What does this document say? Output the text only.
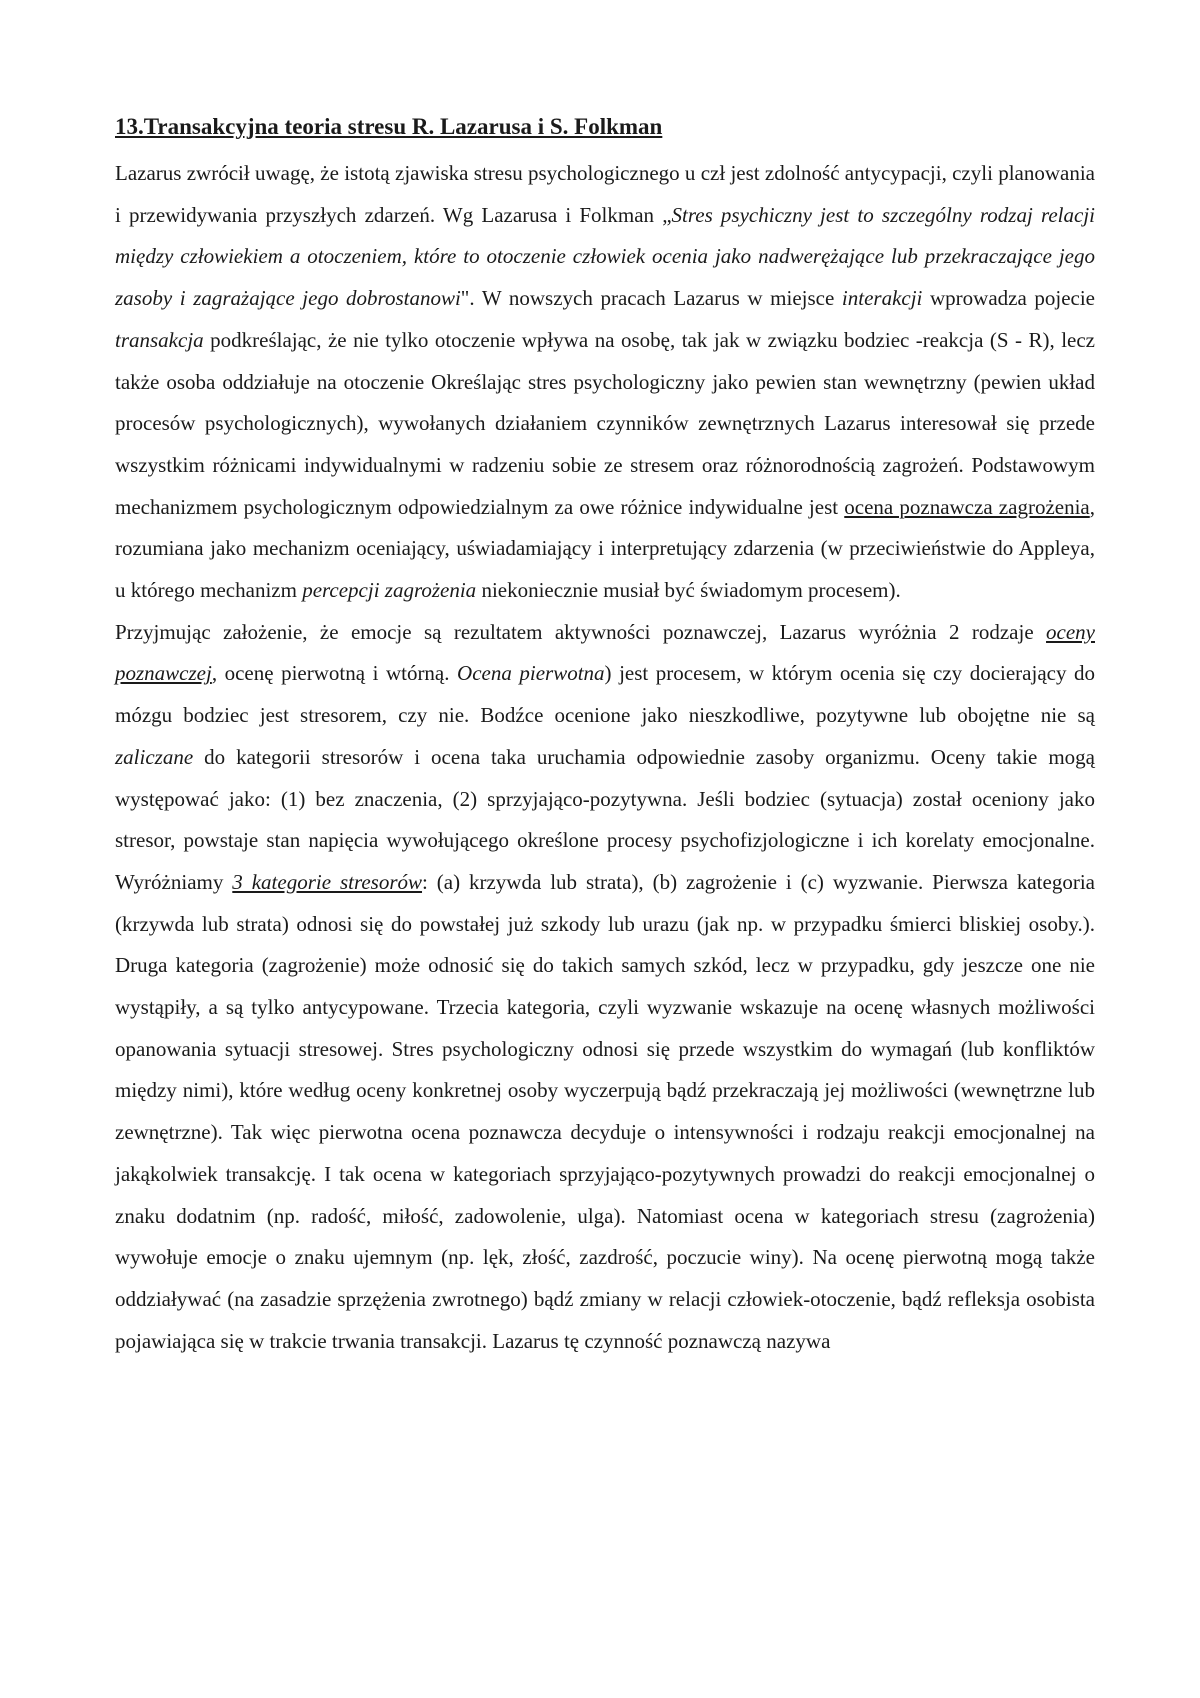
13.Transakcyjna teoria stresu R. Lazarusa i S. Folkman

Lazarus zwrócił uwagę, że istotą zjawiska stresu psychologicznego u czł jest zdolność antycypacji, czyli planowania i przewidywania przyszłych zdarzeń. Wg Lazarusa i Folkman „Stres psychiczny jest to szczególny rodzaj relacji między człowiekiem a otoczeniem, które to otoczenie człowiek ocenia jako nadwerężające lub przekraczające jego zasoby i zagrażające jego dobrostanowi". W nowszych pracach Lazarus w miejsce interakcji wprowadza pojecie transakcja podkreślając, że nie tylko otoczenie wpływa na osobę, tak jak w związku bodziec -reakcja (S - R), lecz także osoba oddziałuje na otoczenie Określając stres psychologiczny jako pewien stan wewnętrzny (pewien układ procesów psychologicznych), wywołanych działaniem czynników zewnętrznych Lazarus interesował się przede wszystkim różnicami indywidualnymi w radzeniu sobie ze stresem oraz różnorodnością zagrożeń. Podstawowym mechanizmem psychologicznym odpowiedzialnym za owe różnice indywidualne jest ocena poznawcza zagrożenia, rozumiana jako mechanizm oceniający, uświadamiający i interpretujący zdarzenia (w przeciwieństwie do Appleya, u którego mechanizm percepcji zagrożenia niekoniecznie musiał być świadomym procesem).

Przyjmując założenie, że emocje są rezultatem aktywności poznawczej, Lazarus wyróżnia 2 rodzaje oceny poznawczej, ocenę pierwotną i wtórną. Ocena pierwotna) jest procesem, w którym ocenia się czy docierający do mózgu bodziec jest stresorem, czy nie. Bodźce ocenione jako nieszkodliwe, pozytywne lub obojętne nie są zaliczane do kategorii stresorów i ocena taka uruchamia odpowiednie zasoby organizmu. Oceny takie mogą występować jako: (1) bez znaczenia, (2) sprzyjająco-pozytywna. Jeśli bodziec (sytuacja) został oceniony jako stresor, powstaje stan napięcia wywołującego określone procesy psychofizjologiczne i ich korelaty emocjonalne. Wyróżniamy 3 kategorie stresorów: (a) krzywda lub strata), (b) zagrożenie i (c) wyzwanie. Pierwsza kategoria (krzywda lub strata) odnosi się do powstałej już szkody lub urazu (jak np. w przypadku śmierci bliskiej osoby.). Druga kategoria (zagrożenie) może odnosić się do takich samych szkód, lecz w przypadku, gdy jeszcze one nie wystąpiły, a są tylko antycypowane. Trzecia kategoria, czyli wyzwanie wskazuje na ocenę własnych możliwości opanowania sytuacji stresowej. Stres psychologiczny odnosi się przede wszystkim do wymagań (lub konfliktów między nimi), które według oceny konkretnej osoby wyczerpują bądź przekraczają jej możliwości (wewnętrzne lub zewnętrzne). Tak więc pierwotna ocena poznawcza decyduje o intensywności i rodzaju reakcji emocjonalnej na jakąkolwiek transakcję. I tak ocena w kategoriach sprzyjająco-pozytywnych prowadzi do reakcji emocjonalnej o znaku dodatnim (np. radość, miłość, zadowolenie, ulga). Natomiast ocena w kategoriach stresu (zagrożenia) wywołuje emocje o znaku ujemnym (np. lęk, złość, zazdrość, poczucie winy). Na ocenę pierwotną mogą także oddziaływać (na zasadzie sprzężenia zwrotnego) bądź zmiany w relacji człowiek-otoczenie, bądź refleksja osobista pojawiająca się w trakcie trwania transakcji. Lazarus tę czynność poznawczą nazywa
